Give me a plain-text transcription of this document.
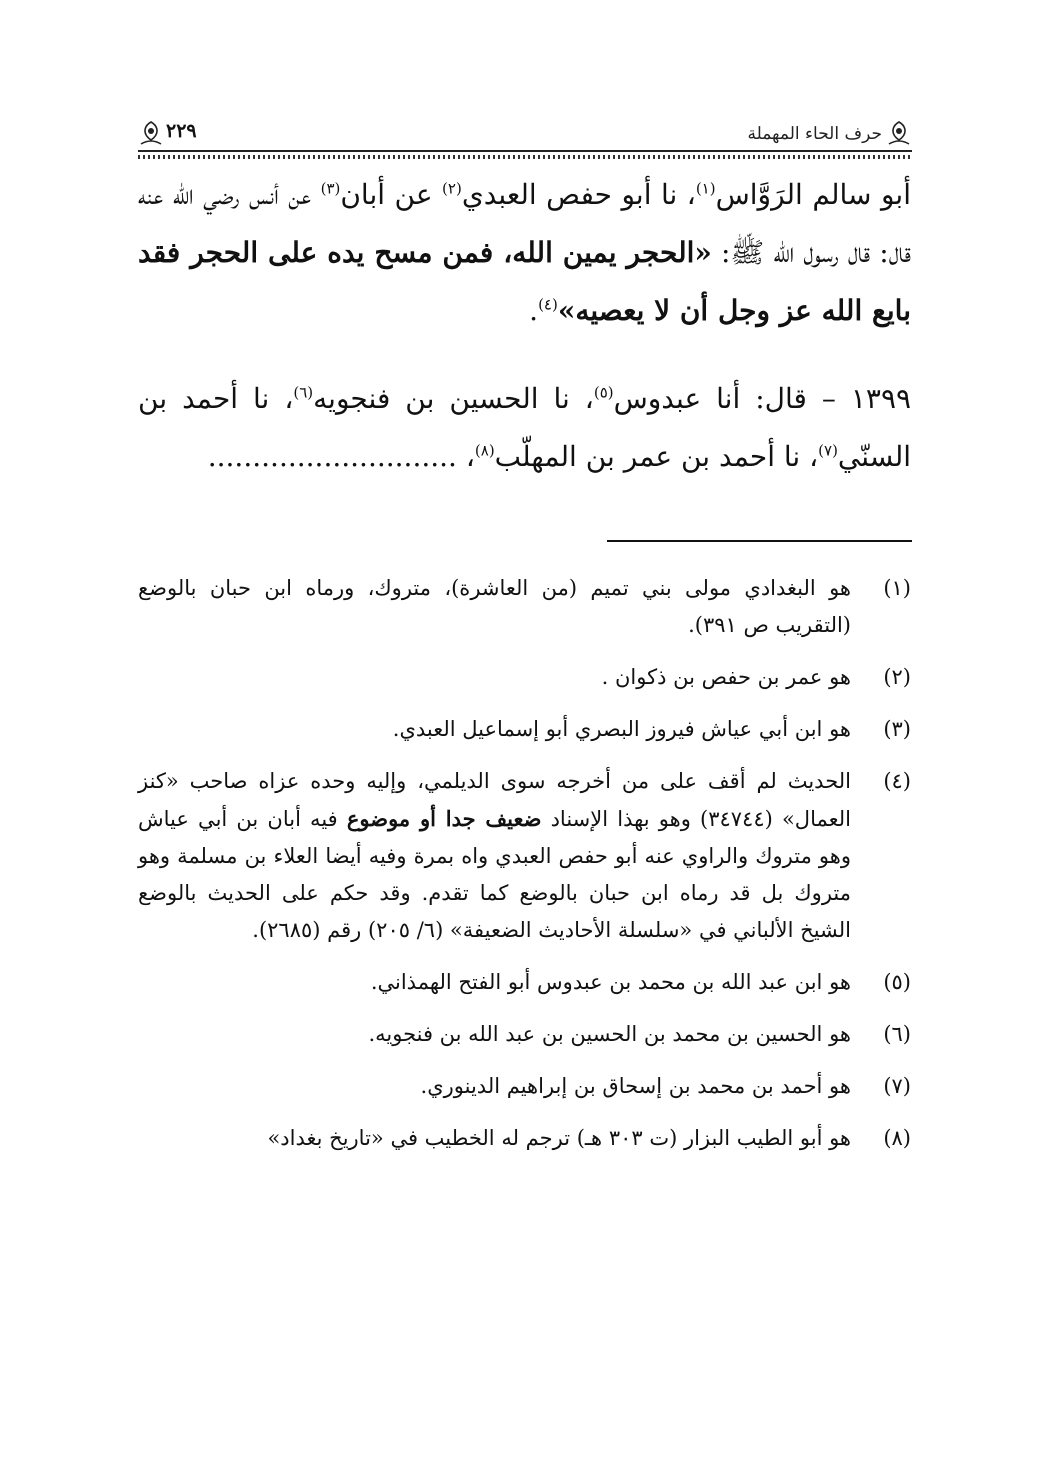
حرف الحاء المهملة
٢٢٩

أبو سالم الرَوَّاس$^{(١)}$، نا أبو حفص العبدي$^{(٢)}$ عن أبان$^{(٣)}$ عن أنس رضي الله عنه قال: قال رسول الله ﷺ: «الحجر يمين الله، فمن مسح يده على الحجر فقد بايع الله عز وجل أن لا يعصيه»$^{(٤)}$.

١٣٩٩ – قال: أنا عبدوس$^{(٥)}$، نا الحسين بن فنجويه$^{(٦)}$، نا أحمد بن السنّي$^{(٧)}$، نا أحمد بن عمر بن المهلّب$^{(٨)}$، ............................

(١)
هو البغدادي مولى بني تميم (من العاشرة)، متروك، ورماه ابن حبان بالوضع (التقريب ص ٣٩١).
(٢)
هو عمر بن حفص بن ذكوان .
(٣)
هو ابن أبي عياش فيروز البصري أبو إسماعيل العبدي.
(٤)
الحديث لم أقف على من أخرجه سوى الديلمي، وإليه وحده عزاه صاحب «كنز العمال» (٣٤٧٤٤) وهو بهذا الإسناد ضعيف جدا أو موضوع فيه أبان بن أبي عياش وهو متروك والراوي عنه أبو حفص العبدي واه بمرة وفيه أيضا العلاء بن مسلمة وهو متروك بل قد رماه ابن حبان بالوضع كما تقدم. وقد حكم على الحديث بالوضع الشيخ الألباني في «سلسلة الأحاديث الضعيفة» (٦/ ٢٠٥) رقم (٢٦٨٥).
(٥)
هو ابن عبد الله بن محمد بن عبدوس أبو الفتح الهمذاني.
(٦)
هو الحسين بن محمد بن الحسين بن عبد الله بن فنجويه.
(٧)
هو أحمد بن محمد بن إسحاق بن إبراهيم الدينوري.
(٨)
هو أبو الطيب البزار (ت ٣٠٣ هـ) ترجم له الخطيب في «تاريخ بغداد»
